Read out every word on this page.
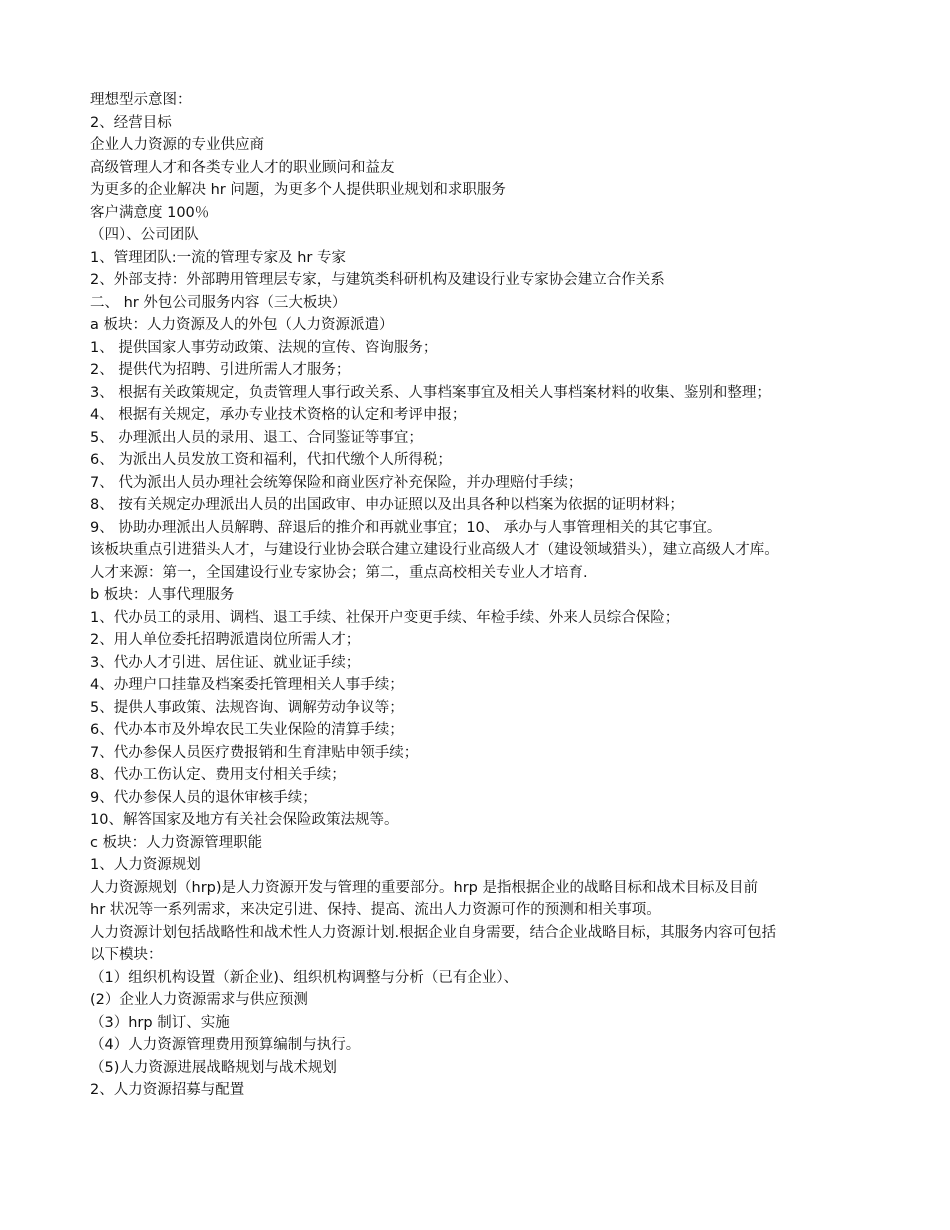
理想型示意图：
2、经营目标
企业人力资源的专业供应商
高级管理人才和各类专业人才的职业顾问和益友
为更多的企业解决 hr 问题，为更多个人提供职业规划和求职服务
客户满意度 100％
（四）、公司团队
1、管理团队:一流的管理专家及 hr 专家
2、外部支持：外部聘用管理层专家，与建筑类科研机构及建设行业专家协会建立合作关系
二、 hr 外包公司服务内容（三大板块）
a 板块：人力资源及人的外包（人力资源派遣）
1、 提供国家人事劳动政策、法规的宣传、咨询服务；
2、 提供代为招聘、引进所需人才服务；
3、 根据有关政策规定，负责管理人事行政关系、人事档案事宜及相关人事档案材料的收集、鉴别和整理；
4、 根据有关规定，承办专业技术资格的认定和考评申报；
5、 办理派出人员的录用、退工、合同鉴证等事宜；
6、 为派出人员发放工资和福利，代扣代缴个人所得税；
7、 代为派出人员办理社会统筹保险和商业医疗补充保险，并办理赔付手续；
8、 按有关规定办理派出人员的出国政审、申办证照以及出具各种以档案为依据的证明材料；
9、 协助办理派出人员解聘、辞退后的推介和再就业事宜；10、 承办与人事管理相关的其它事宜。
该板块重点引进猎头人才，与建设行业协会联合建立建设行业高级人才（建设领域猎头），建立高级人才库。
人才来源：第一，全国建设行业专家协会；第二，重点高校相关专业人才培育.
b 板块：人事代理服务
1、代办员工的录用、调档、退工手续、社保开户变更手续、年检手续、外来人员综合保险；
2、用人单位委托招聘派遣岗位所需人才；
3、代办人才引进、居住证、就业证手续；
4、办理户口挂靠及档案委托管理相关人事手续；
5、提供人事政策、法规咨询、调解劳动争议等；
6、代办本市及外埠农民工失业保险的清算手续；
7、代办参保人员医疗费报销和生育津贴申领手续；
8、代办工伤认定、费用支付相关手续；
9、代办参保人员的退休审核手续；
10、解答国家及地方有关社会保险政策法规等。
c 板块：人力资源管理职能
1、人力资源规划
人力资源规划（hrp)是人力资源开发与管理的重要部分。hrp 是指根据企业的战略目标和战术目标及目前
hr 状况等一系列需求，来决定引进、保持、提高、流出人力资源可作的预测和相关事项。
人力资源计划包括战略性和战术性人力资源计划.根据企业自身需要，结合企业战略目标，其服务内容可包括
以下模块：
（1）组织机构设置（新企业)、组织机构调整与分析（已有企业）、
(2）企业人力资源需求与供应预测
（3）hrp 制订、实施
（4）人力资源管理费用预算编制与执行。
（5)人力资源进展战略规划与战术规划
2、人力资源招募与配置
